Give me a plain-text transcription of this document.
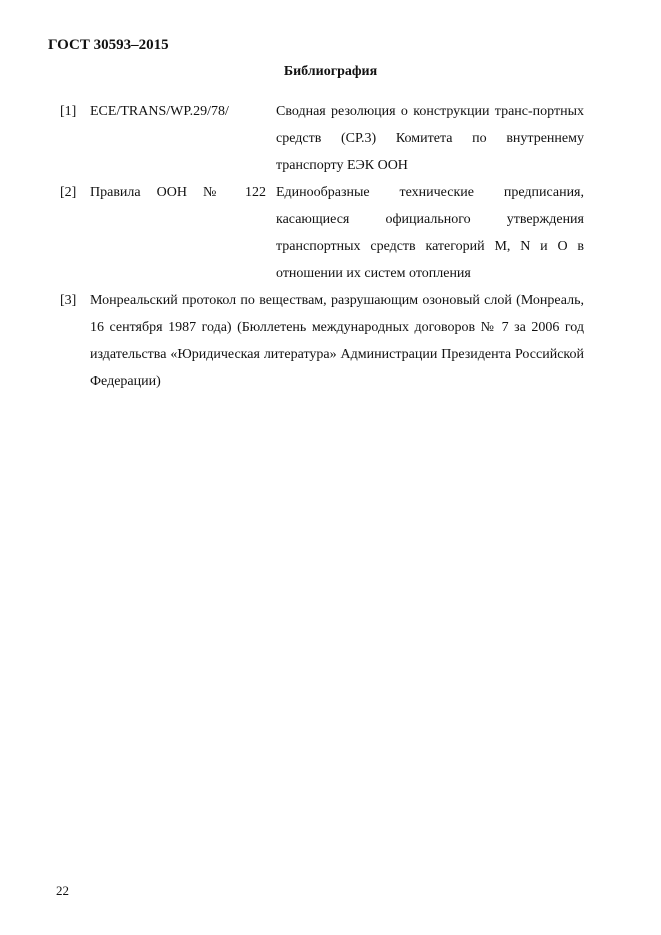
ГОСТ 30593–2015
Библиография
[1] ECE/TRANS/WP.29/78/	Сводная резолюция о конструкции транс-портных средств (СР.3) Комитета по внутреннему транспорту ЕЭК ООН
[2] Правила ООН № 122 Единообразные технические предписания, касающиеся официального утверждения транспортных средств категорий M, N и O в отношении их систем отопления
[3] Монреальский протокол по веществам, разрушающим озоновый слой (Монреаль, 16 сентября 1987 года) (Бюллетень международных договоров № 7 за 2006 год издательства «Юридическая литература» Администрации Президента Российской Федерации)
22
